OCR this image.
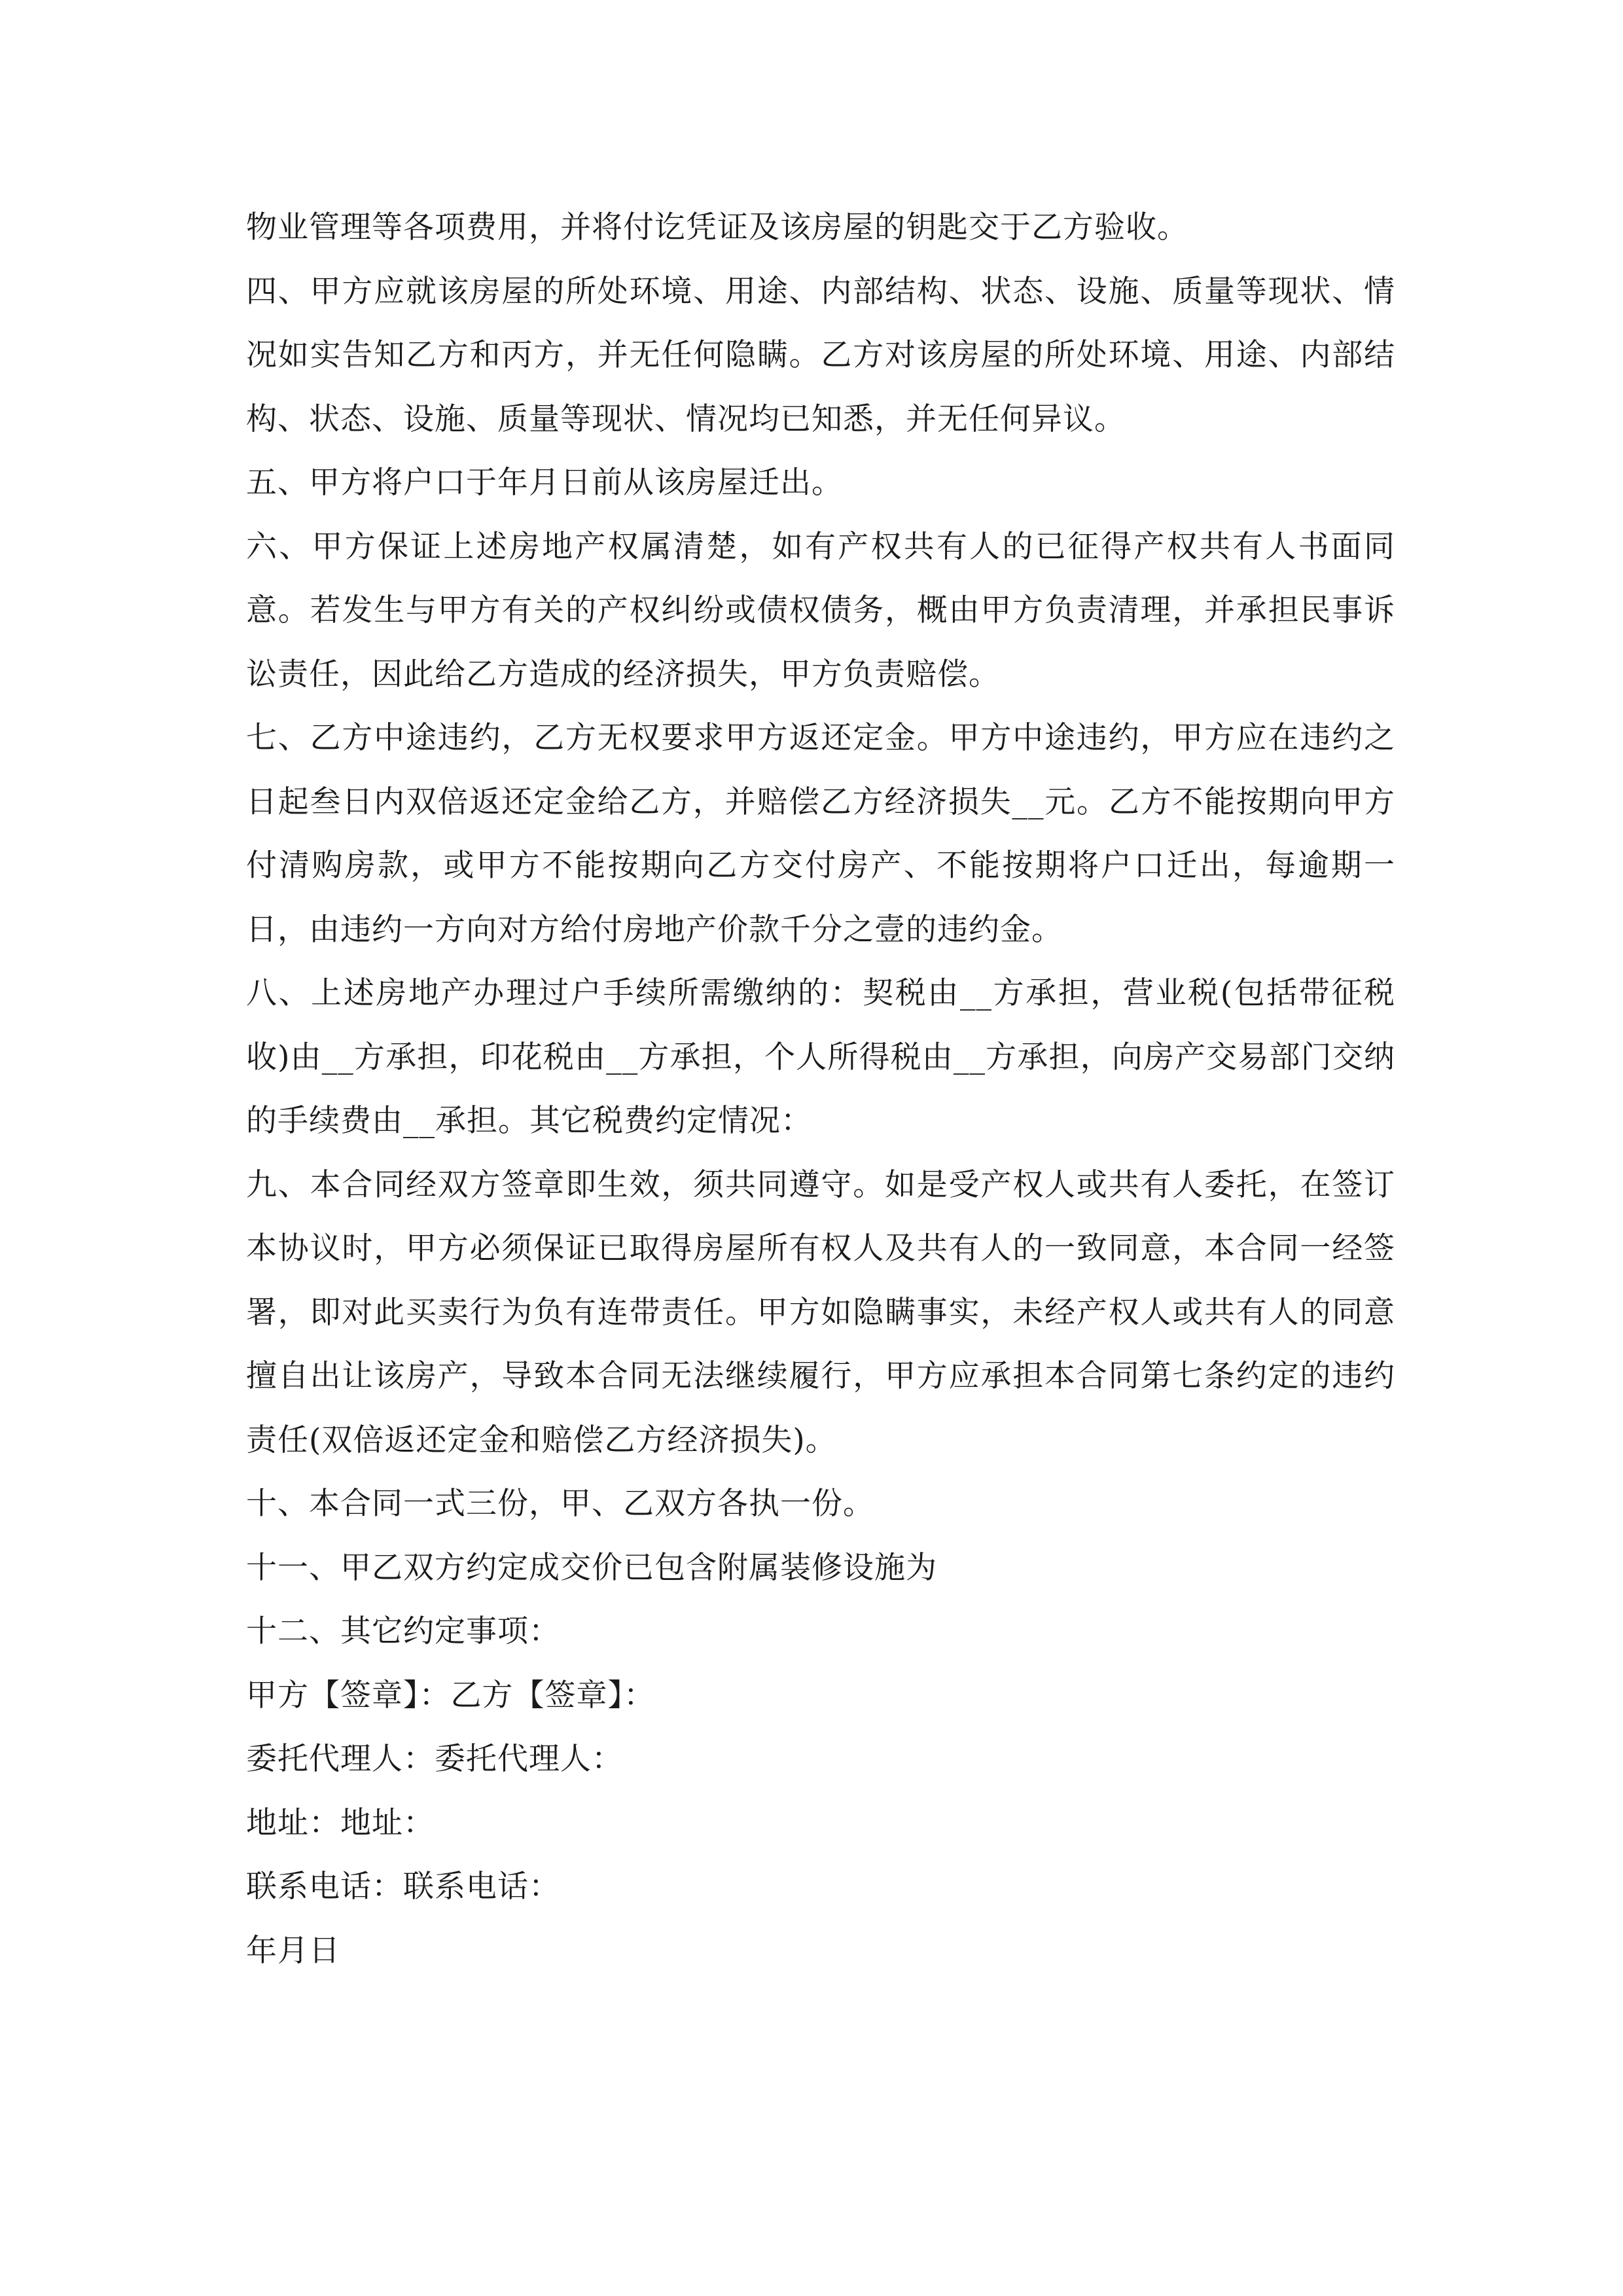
物业管理等各项费用，并将付讫凭证及该房屋的钥匙交于乙方验收。

四、甲方应就该房屋的所处环境、用途、内部结构、状态、设施、质量等现状、情况如实告知乙方和丙方，并无任何隐瞒。乙方对该房屋的所处环境、用途、内部结构、状态、设施、质量等现状、情况均已知悉，并无任何异议。

五、甲方将户口于年月日前从该房屋迁出。

六、甲方保证上述房地产权属清楚，如有产权共有人的已征得产权共有人书面同意。若发生与甲方有关的产权纠纷或债权债务，概由甲方负责清理，并承担民事诉讼责任，因此给乙方造成的经济损失，甲方负责赔偿。

七、乙方中途违约，乙方无权要求甲方返还定金。甲方中途违约，甲方应在违约之日起叁日内双倍返还定金给乙方，并赔偿乙方经济损失__元。乙方不能按期向甲方付清购房款，或甲方不能按期向乙方交付房产、不能按期将户口迁出，每逾期一日，由违约一方向对方给付房地产价款千分之壹的违约金。

八、上述房地产办理过户手续所需缴纳的：契税由__方承担，营业税(包括带征税收)由__方承担，印花税由__方承担，个人所得税由__方承担，向房产交易部门交纳的手续费由__承担。其它税费约定情况：

九、本合同经双方签章即生效，须共同遵守。如是受产权人或共有人委托，在签订本协议时，甲方必须保证已取得房屋所有权人及共有人的一致同意，本合同一经签署，即对此买卖行为负有连带责任。甲方如隐瞒事实，未经产权人或共有人的同意擅自出让该房产，导致本合同无法继续履行，甲方应承担本合同第七条约定的违约责任(双倍返还定金和赔偿乙方经济损失)。

十、本合同一式三份，甲、乙双方各执一份。

十一、甲乙双方约定成交价已包含附属装修设施为

十二、其它约定事项：

甲方【签章】：乙方【签章】：

委托代理人：委托代理人：

地址：地址：

联系电话：联系电话：

年月日
